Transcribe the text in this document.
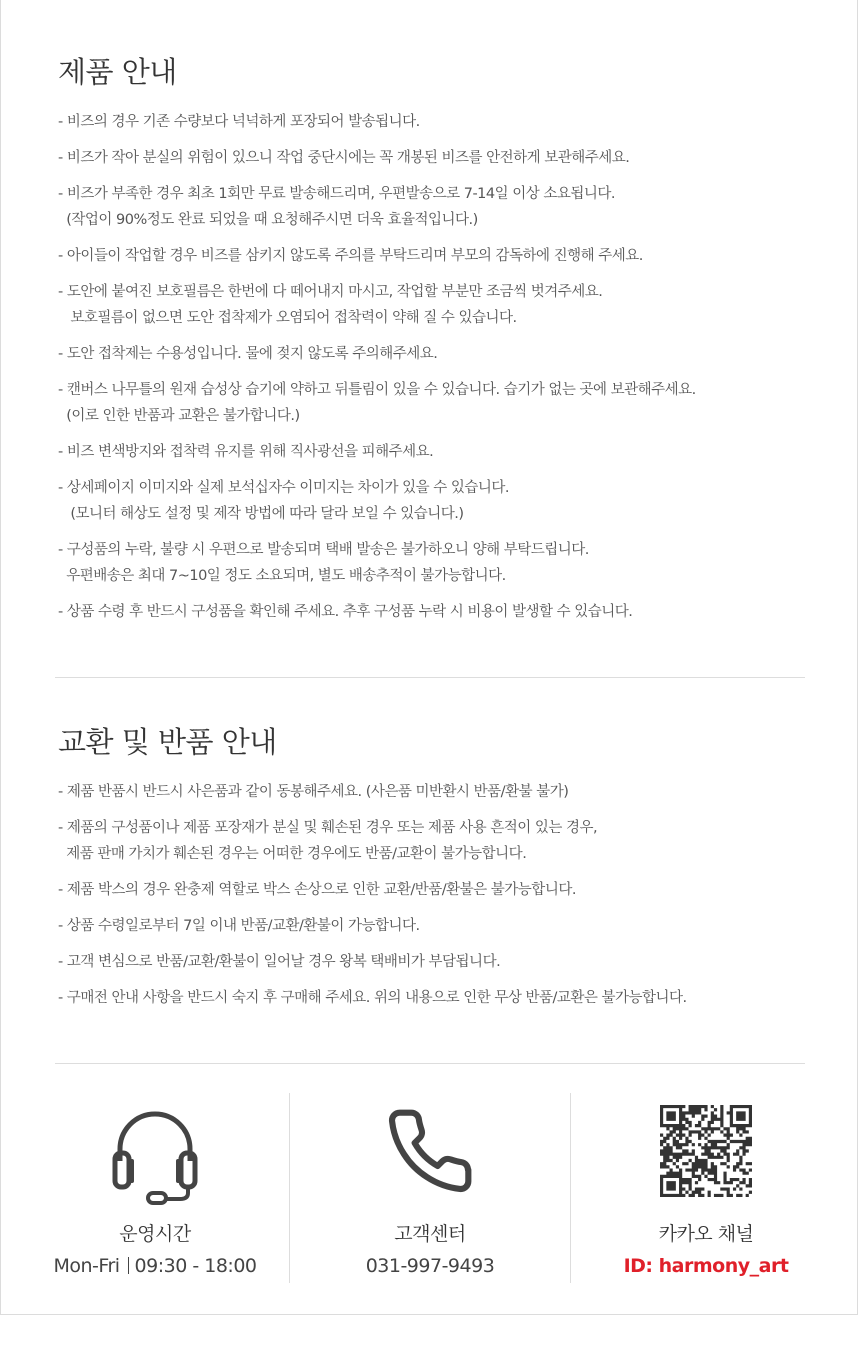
제품 안내
- 비즈의 경우 기존 수량보다 넉넉하게 포장되어 발송됩니다.
- 비즈가 작아 분실의 위험이 있으니 작업 중단시에는 꼭 개봉된 비즈를 안전하게 보관해주세요.
- 비즈가 부족한 경우 최초 1회만 무료 발송해드리며, 우편발송으로 7-14일 이상 소요됩니다.
(작업이 90%정도 완료 되었을 때 요청해주시면 더욱 효율적입니다.)
- 아이들이 작업할 경우 비즈를 삼키지 않도록 주의를 부탁드리며 부모의 감독하에 진행해 주세요.
- 도안에 붙여진 보호필름은 한번에 다 떼어내지 마시고, 작업할 부분만 조금씩 벗겨주세요.
보호필름이 없으면 도안 접착제가 오염되어 접착력이 약해 질 수 있습니다.
- 도안 접착제는 수용성입니다. 물에 젖지 않도록 주의해주세요.
- 캔버스 나무틀의 원재 습성상 습기에 약하고 뒤틀림이 있을 수 있습니다. 습기가 없는 곳에 보관해주세요.
(이로 인한 반품과 교환은 불가합니다.)
- 비즈 변색방지와 접착력 유지를 위해 직사광선을 피해주세요.
- 상세페이지 이미지와 실제 보석십자수 이미지는 차이가 있을 수 있습니다.
(모니터 해상도 설정 및 제작 방법에 따라 달라 보일 수 있습니다.)
- 구성품의 누락, 불량 시 우편으로 발송되며 택배 발송은 불가하오니 양해 부탁드립니다.
우편배송은 최대 7~10일 정도 소요되며, 별도 배송추적이 불가능합니다.
- 상품 수령 후 반드시 구성품을 확인해 주세요. 추후 구성품 누락 시 비용이 발생할 수 있습니다.
교환 및 반품 안내
- 제품 반품시 반드시 사은품과 같이 동봉해주세요. (사은품 미반환시 반품/환불 불가)
- 제품의 구성품이나 제품 포장재가 분실 및 훼손된 경우 또는 제품 사용 흔적이 있는 경우,
제품 판매 가치가 훼손된 경우는 어떠한 경우에도 반품/교환이 불가능합니다.
- 제품 박스의 경우 완충제 역할로 박스 손상으로 인한 교환/반품/환불은 불가능합니다.
- 상품 수령일로부터 7일 이내 반품/교환/환불이 가능합니다.
- 고객 변심으로 반품/교환/환불이 일어날 경우 왕복 택배비가 부담됩니다.
- 구매전 안내 사항을 반드시 숙지 후 구매해 주세요. 위의 내용으로 인한 무상 반품/교환은 불가능합니다.
운영시간
Mon-Fri 09:30 - 18:00
고객센터
031-997-9493
카카오 채널
ID: harmony_art
